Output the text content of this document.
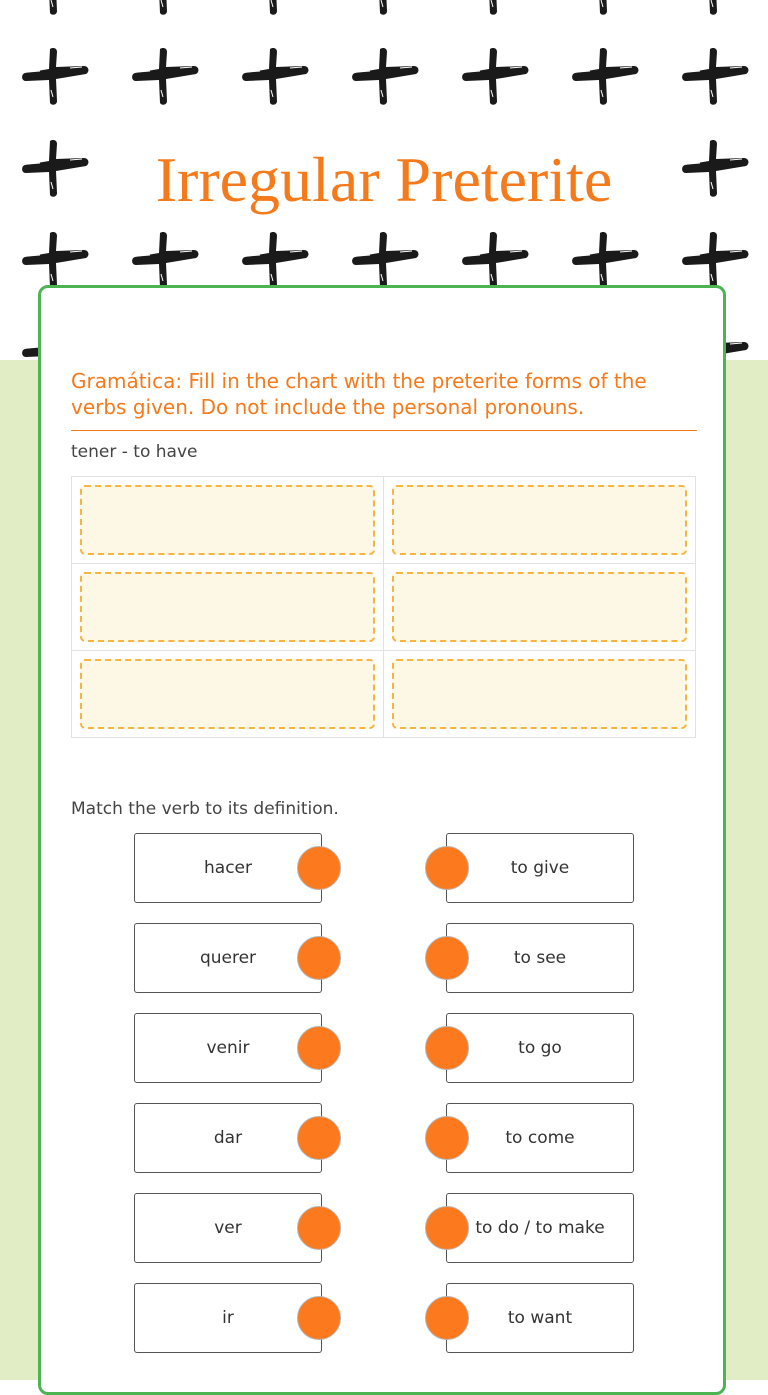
Irregular Preterite

Gramática: Fill in the chart with the preterite forms of the verbs given. Do not include the personal pronouns.

tener - to have
Match the verb to its definition.
hacer	to give
querer	to see
venir	to go
dar	to come
ver	to do / to make
ir	to want
